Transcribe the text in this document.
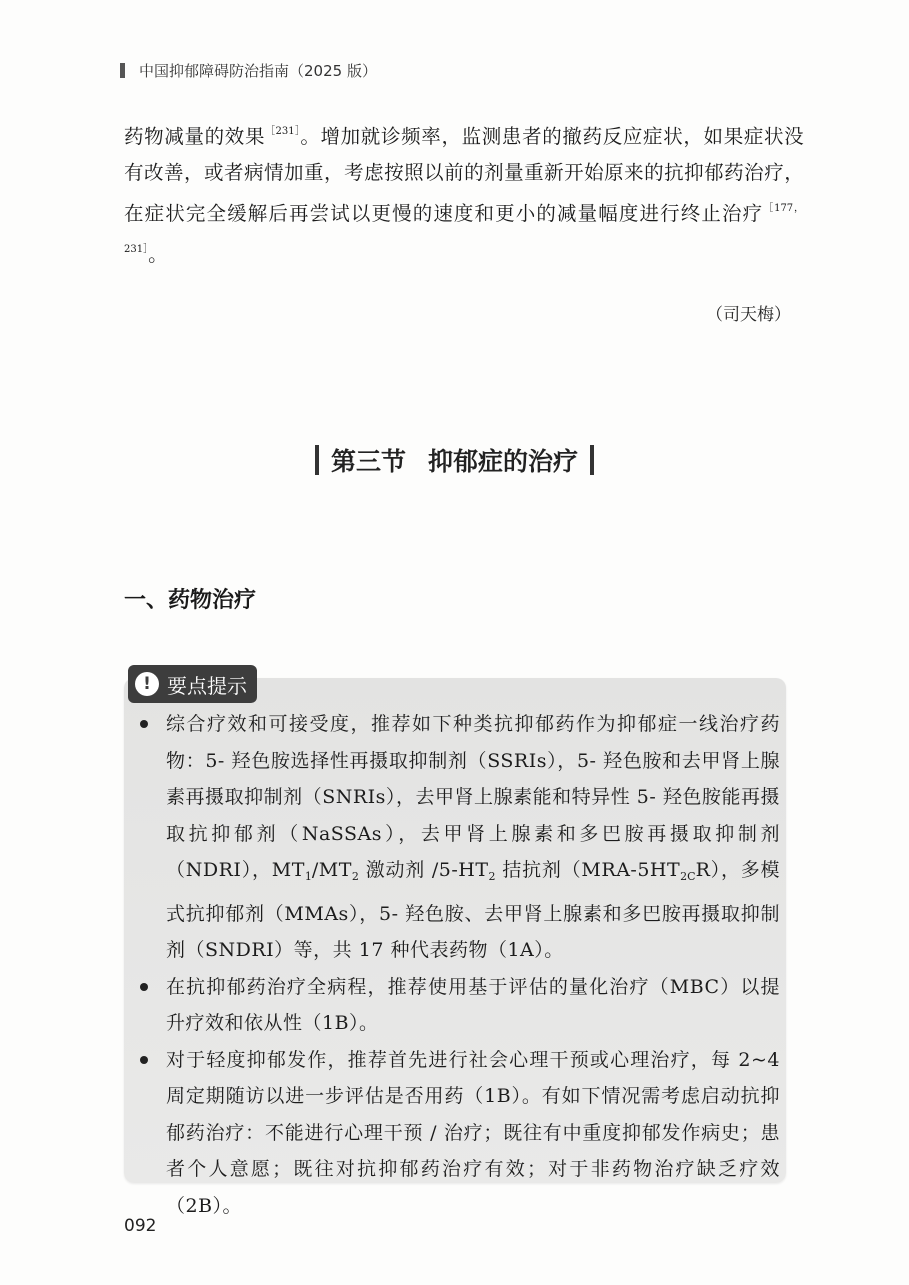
中国抑郁障碍防治指南（2025 版）
药物减量的效果$^{[231]}$。增加就诊频率，监测患者的撤药反应症状，如果症状没有改善，或者病情加重，考虑按照以前的剂量重新开始原来的抗抑郁药治疗，在症状完全缓解后再尝试以更慢的速度和更小的减量幅度进行终止治疗$^{[177,231]}$。
（司天梅）
第三节 抑郁症的治疗
一、药物治疗
! 要点提示
综合疗效和可接受度，推荐如下种类抗抑郁药作为抑郁症一线治疗药物：5- 羟色胺选择性再摄取抑制剂（SSRIs），5- 羟色胺和去甲肾上腺素再摄取抑制剂（SNRIs），去甲肾上腺素能和特异性 5- 羟色胺能再摄取抗抑郁剂（NaSSAs），去甲肾上腺素和多巴胺再摄取抑制剂（NDRI），$MT_1/MT_2$ 激动剂 $/5-HT_2$ 拮抗剂$(MRA-5HT_{2C}R)$，多模式抗抑郁剂（MMAs），5- 羟色胺、去甲肾上腺素和多巴胺再摄取抑制剂（SNDRI）等，共 17 种代表药物（1A）。
在抗抑郁药治疗全病程，推荐使用基于评估的量化治疗（MBC）以提升疗效和依从性（1B）。
对于轻度抑郁发作，推荐首先进行社会心理干预或心理治疗，每 2~4 周定期随访以进一步评估是否用药（1B）。有如下情况需考虑启动抗抑郁药治疗：不能进行心理干预 / 治疗；既往有中重度抑郁发作病史；患者个人意愿；既往对抗抑郁药治疗有效；对于非药物治疗缺乏疗效（2B）。
092
